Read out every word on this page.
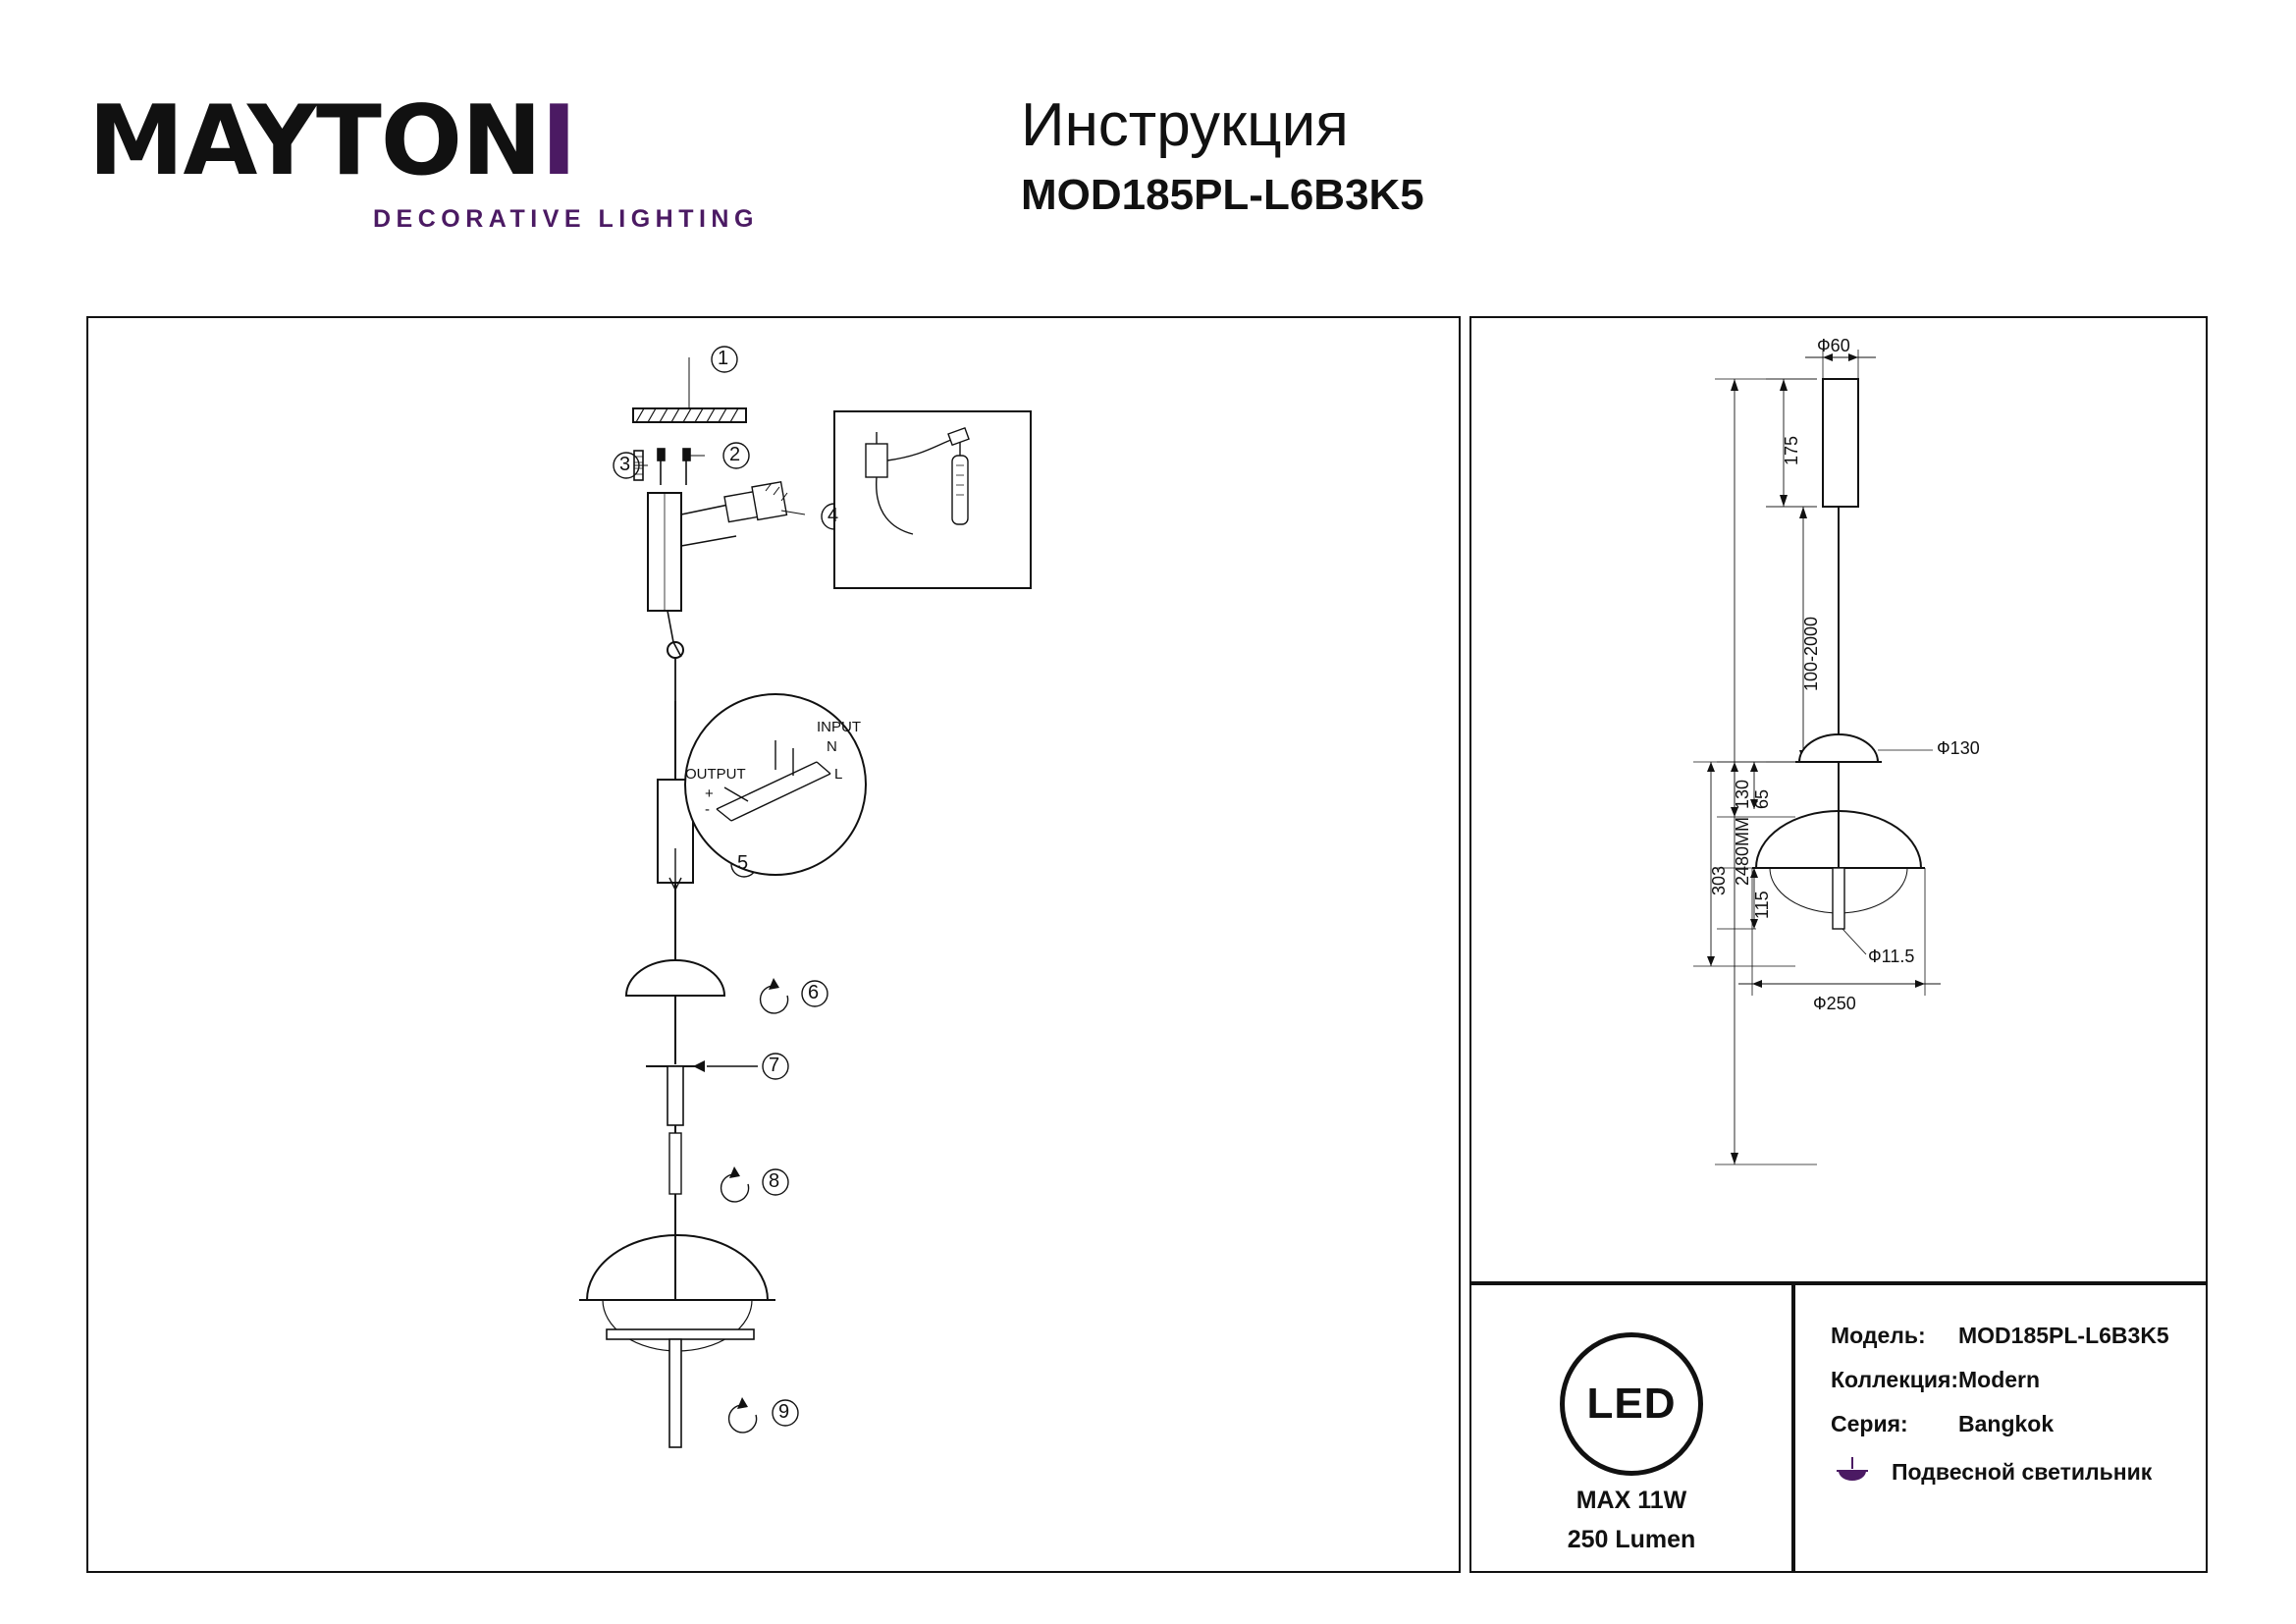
MAYTONI
DECORATIVE LIGHTING
Инструкция
MOD185PL-L6B3K5
1
2
3
4
5
6
7
8
9
INPUT
N
L
OUTPUT
+
-
Ф60
175
100-2000
2480MM
Ф130
130 65
115
303
Ф11.5
Ф250
LED
MAX 11W
250 Lumen
Модель:	MOD185PL-L6B3K5
Коллекция: Modern
Серия:	Bangkok
Подвесной светильник
